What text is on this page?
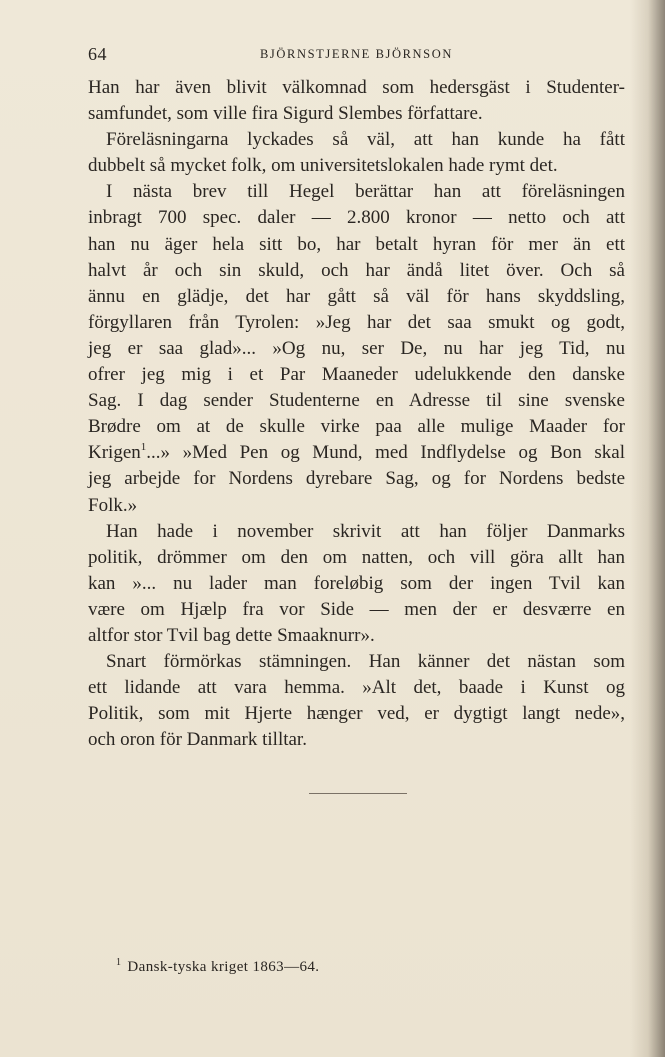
64	BJÖRNSTJERNE BJÖRNSON
Han har även blivit välkomnad som hedersgäst i Studenter-
samfundet, som ville fira Sigurd Slembes författare.
Föreläsningarna lyckades så väl, att han kunde ha fått
dubbelt så mycket folk, om universitetslokalen hade rymt det.
I nästa brev till Hegel berättar han att föreläsningen
inbragt 700 spec. daler — 2.800 kronor — netto och att
han nu äger hela sitt bo, har betalt hyran för mer än ett
halvt år och sin skuld, och har ändå litet över. Och så
ännu en glädje, det har gått så väl för hans skyddsling,
förgyllaren från Tyrolen: »Jeg har det saa smukt og godt,
jeg er saa glad»... »Og nu, ser De, nu har jeg Tid, nu
ofrer jeg mig i et Par Maaneder udelukkende den danske
Sag. I dag sender Studenterne en Adresse til sine svenske
Brødre om at de skulle virke paa alle mulige Maader for
Krigen$^1$...» »Med Pen og Mund, med Indflydelse og Bon skal
jeg arbejde for Nordens dyrebare Sag, og for Nordens bedste
Folk.»
Han hade i november skrivit att han följer Danmarks
politik, drömmer om den om natten, och vill göra allt han
kan »... nu lader man foreløbig som der ingen Tvil kan
være om Hjælp fra vor Side — men der er desværre en
altfor stor Tvil bag dette Smaaknurr».
Snart förmörkas stämningen. Han känner det nästan som
ett lidande att vara hemma. »Alt det, baade i Kunst og
Politik, som mit Hjerte hænger ved, er dygtigt langt nede»,
och oron för Danmark tilltar.
$^1$ Dansk-tyska kriget 1863—64.
